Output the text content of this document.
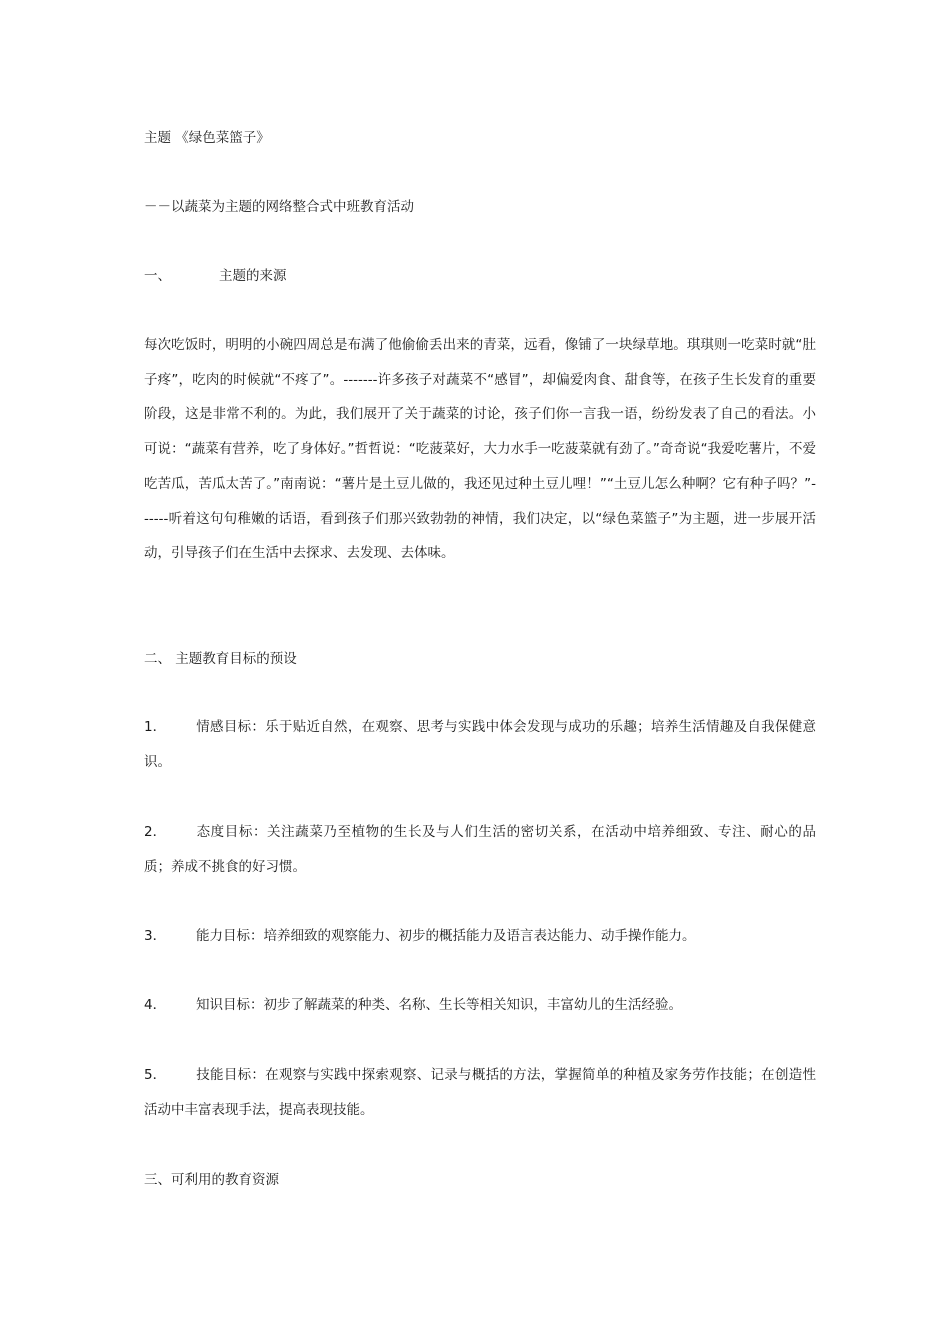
主题 《绿色菜篮子》
－－以蔬菜为主题的网络整合式中班教育活动
一、	主题的来源
每次吃饭时，明明的小碗四周总是布满了他偷偷丢出来的青菜，远看，像铺了一块绿草地。琪琪则一吃菜时就“肚子疼”，吃肉的时候就“不疼了”。-------许多孩子对蔬菜不“感冒”，却偏爱肉食、甜食等，在孩子生长发育的重要阶段，这是非常不利的。为此，我们展开了关于蔬菜的讨论，孩子们你一言我一语，纷纷发表了自己的看法。小可说：“蔬菜有营养，吃了身体好。”哲哲说：“吃菠菜好，大力水手一吃菠菜就有劲了。”奇奇说“我爱吃薯片，不爱吃苦瓜，苦瓜太苦了。”南南说：“薯片是土豆儿做的，我还见过种土豆儿哩！”“土豆儿怎么种啊？它有种子吗？”------听着这句句稚嫩的话语，看到孩子们那兴致勃勃的神情，我们决定，以“绿色菜篮子”为主题，进一步展开活动，引导孩子们在生活中去探求、去发现、去体味。
二、 主题教育目标的预设
1． 情感目标：乐于贴近自然，在观察、思考与实践中体会发现与成功的乐趣；培养生活情趣及自我保健意识。
2． 态度目标：关注蔬菜乃至植物的生长及与人们生活的密切关系，在活动中培养细致、专注、耐心的品质；养成不挑食的好习惯。
3． 能力目标：培养细致的观察能力、初步的概括能力及语言表达能力、动手操作能力。
4． 知识目标：初步了解蔬菜的种类、名称、生长等相关知识，丰富幼儿的生活经验。
5． 技能目标：在观察与实践中探索观察、记录与概括的方法，掌握简单的种植及家务劳作技能；在创造性活动中丰富表现手法，提高表现技能。
三、可利用的教育资源
